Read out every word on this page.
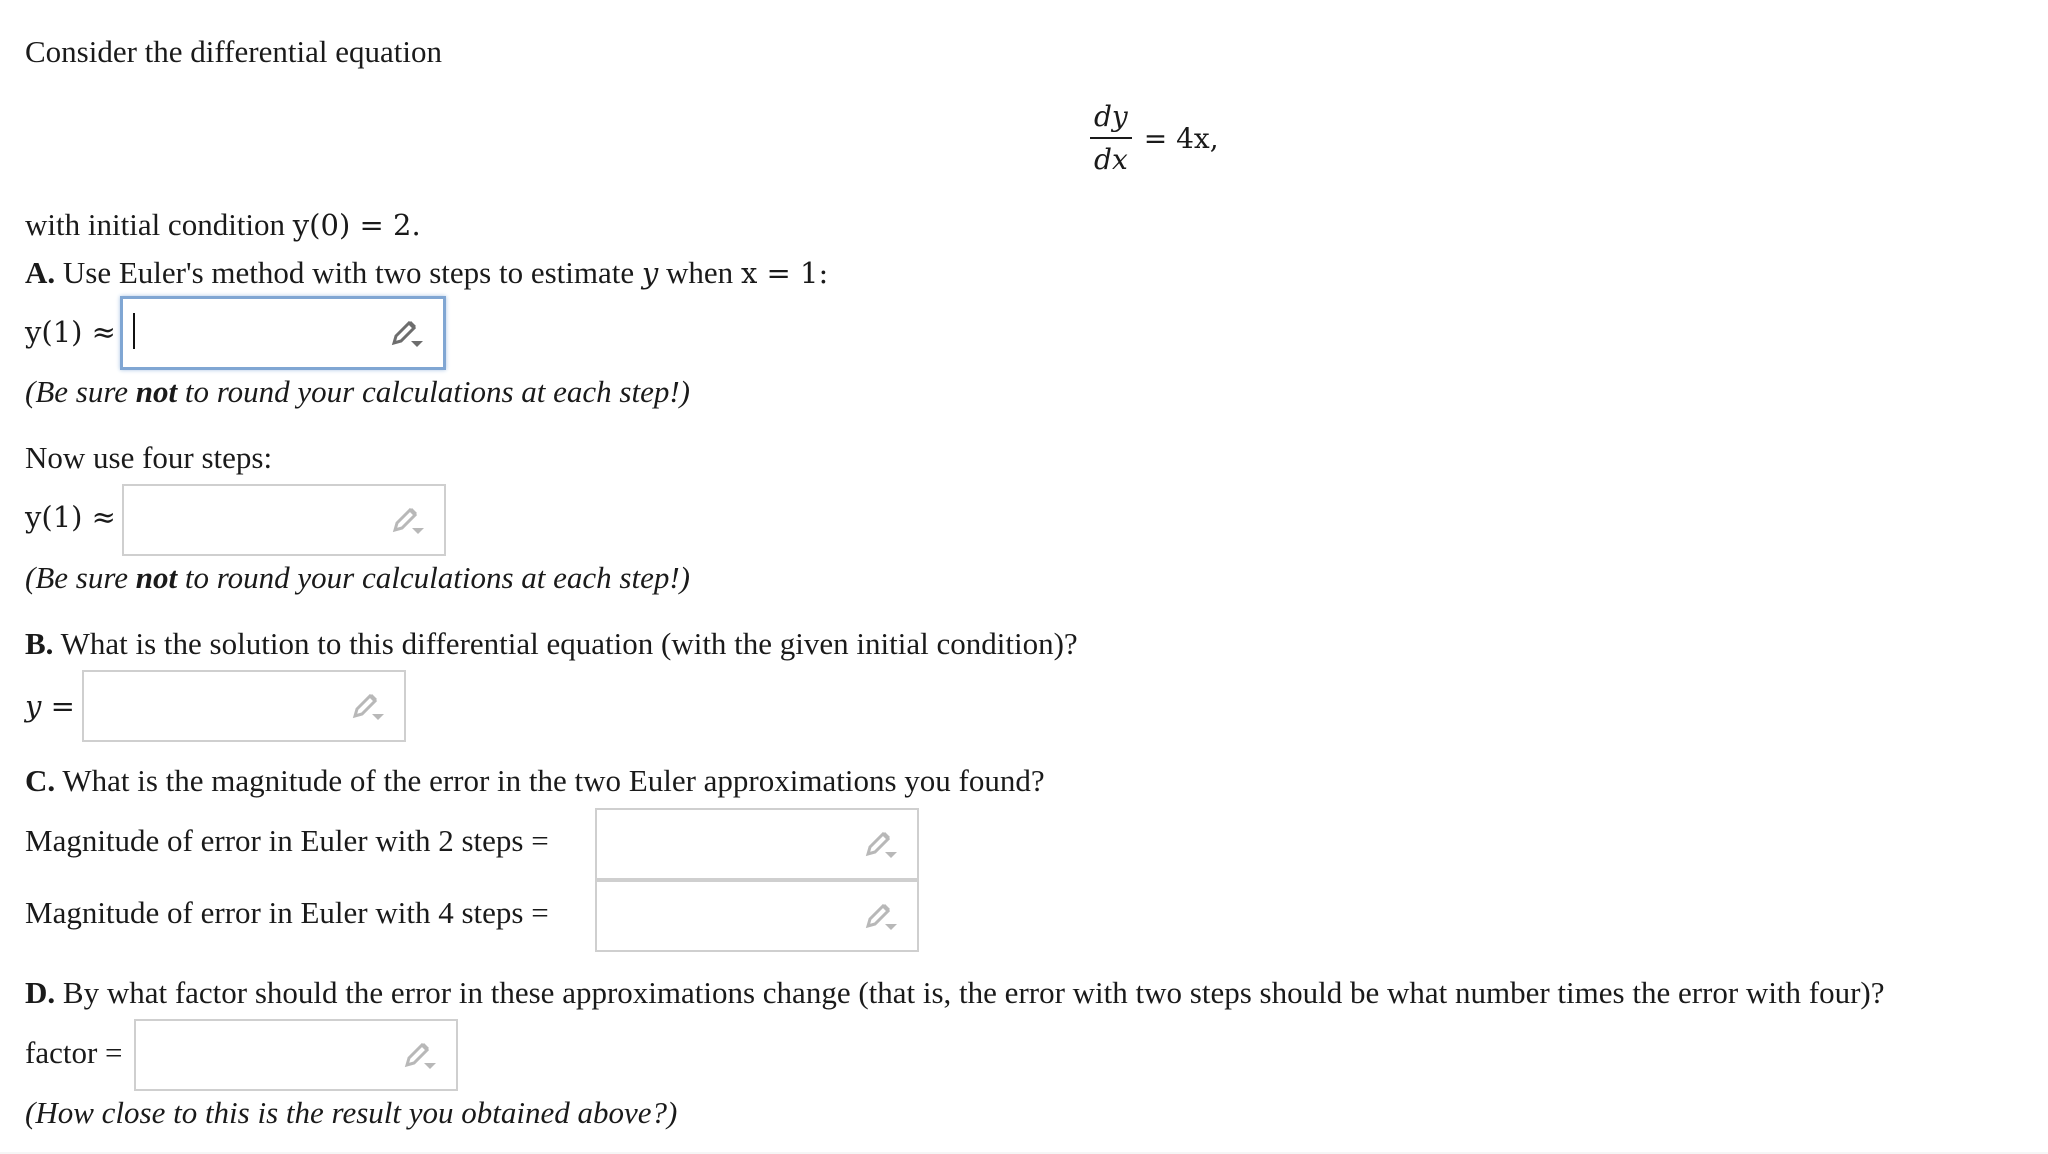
Consider the differential equation
$\frac{dy}{dx} = 4x$,
with initial condition y(0) = 2.
A. Use Euler's method with two steps to estimate y when x = 1:
y(1) ≈
(Be sure not to round your calculations at each step!)
Now use four steps:
y(1) ≈
(Be sure not to round your calculations at each step!)
B. What is the solution to this differential equation (with the given initial condition)?
y =
C. What is the magnitude of the error in the two Euler approximations you found?
Magnitude of error in Euler with 2 steps =
Magnitude of error in Euler with 4 steps =
D. By what factor should the error in these approximations change (that is, the error with two steps should be what number times the error with four)?
factor =
(How close to this is the result you obtained above?)
